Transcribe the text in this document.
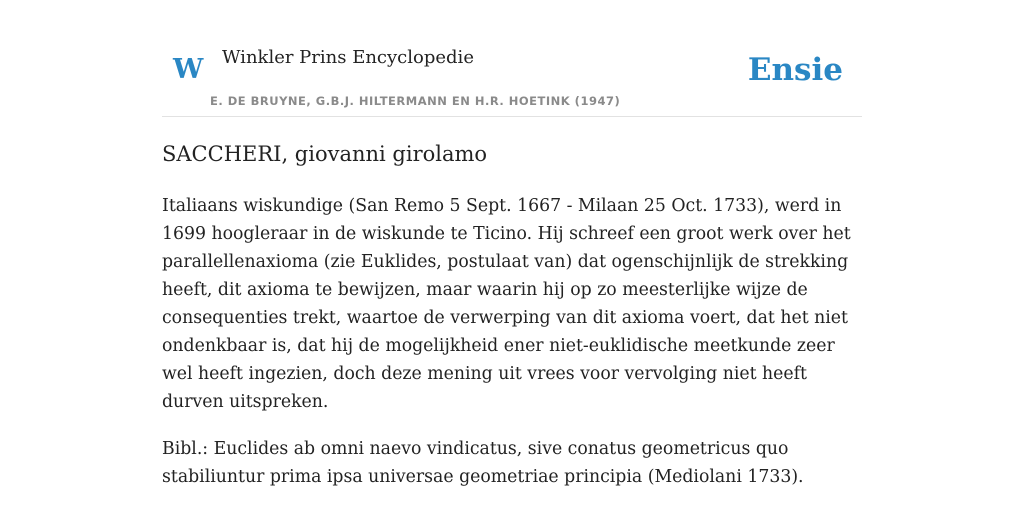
W Winkler Prins Encyclopedie
E. DE BRUYNE, G.B.J. HILTERMANN EN H.R. HOETINK (1947)
Ensie
SACCHERI, giovanni girolamo

Italiaans wiskundige (San Remo 5 Sept. 1667 - Milaan 25 Oct. 1733), werd in 1699 hoogleraar in de wiskunde te Ticino. Hij schreef een groot werk over het parallellenaxioma (zie Euklides, postulaat van) dat ogenschijnlijk de strekking heeft, dit axioma te bewijzen, maar waarin hij op zo meesterlijke wijze de consequenties trekt, waartoe de verwerping van dit axioma voert, dat het niet ondenkbaar is, dat hij de mogelijkheid ener niet-euklidische meetkunde zeer wel heeft ingezien, doch deze mening uit vrees voor vervolging niet heeft durven uitspreken.

Bibl.: Euclides ab omni naevo vindicatus, sive conatus geometricus quo stabiliuntur prima ipsa universae geometriae principia (Mediolani 1733).
